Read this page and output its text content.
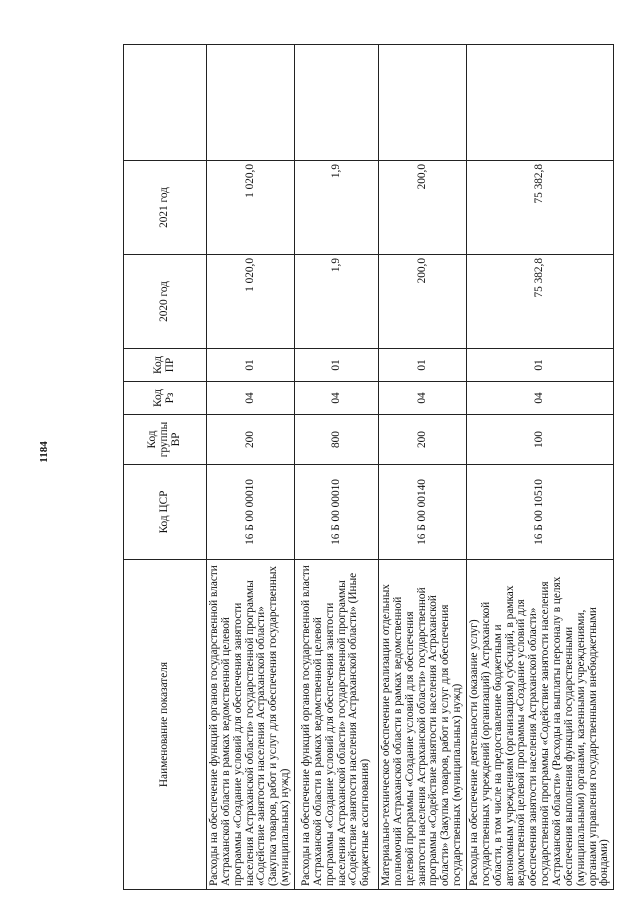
1184
Наименование показателя	Код ЦСР	Код группы ВР	Код Рз	Код ПР	2020 год	2021 год	
Расходы на обеспечение функций органов государственной власти Астраханской области в рамках ведомственной целевой программы «Создание условий для обеспечения занятости населения Астраханской области» государственной программы «Содействие занятости населения Астраханской области» (Закупка товаров, работ и услуг для обеспечения государственных (муниципальных) нужд)	16 Б 00 00010	200	04	01	1 020,0	1 020,0	
Расходы на обеспечение функций органов государственной власти Астраханской области в рамках ведомственной целевой программы «Создание условий для обеспечения занятости населения Астраханской области» государственной программы «Содействие занятости населения Астраханской области» (Иные бюджетные ассигнования)	16 Б 00 00010	800	04	01	1,9	1,9	
Материально-техническое обеспечение реализации отдельных полномочий Астраханской области в рамках ведомственной целевой программы «Создание условий для обеспечения занятости населения Астраханской области» государственной программы «Содействие занятости населения Астраханской области» (Закупка товаров, работ и услуг для обеспечения государственных (муниципальных) нужд)	16 Б 00 00140	200	04	01	200,0	200,0	
Расходы на обеспечение деятельности (оказание услуг) государственных учреждений (организаций) Астраханской области, в том числе на предоставление бюджетным и автономным учреждениям (организациям) субсидий, в рамках ведомственной целевой программы «Создание условий для обеспечения занятости населения Астраханской области» государственной программы «Содействие занятости населения Астраханской области» (Расходы на выплаты персоналу в целях обеспечения выполнения функций государственными (муниципальными) органами, казенными учреждениями, органами управления государственными внебюджетными фондами)	16 Б 00 10510	100	04	01	75 382,8	75 382,8	
